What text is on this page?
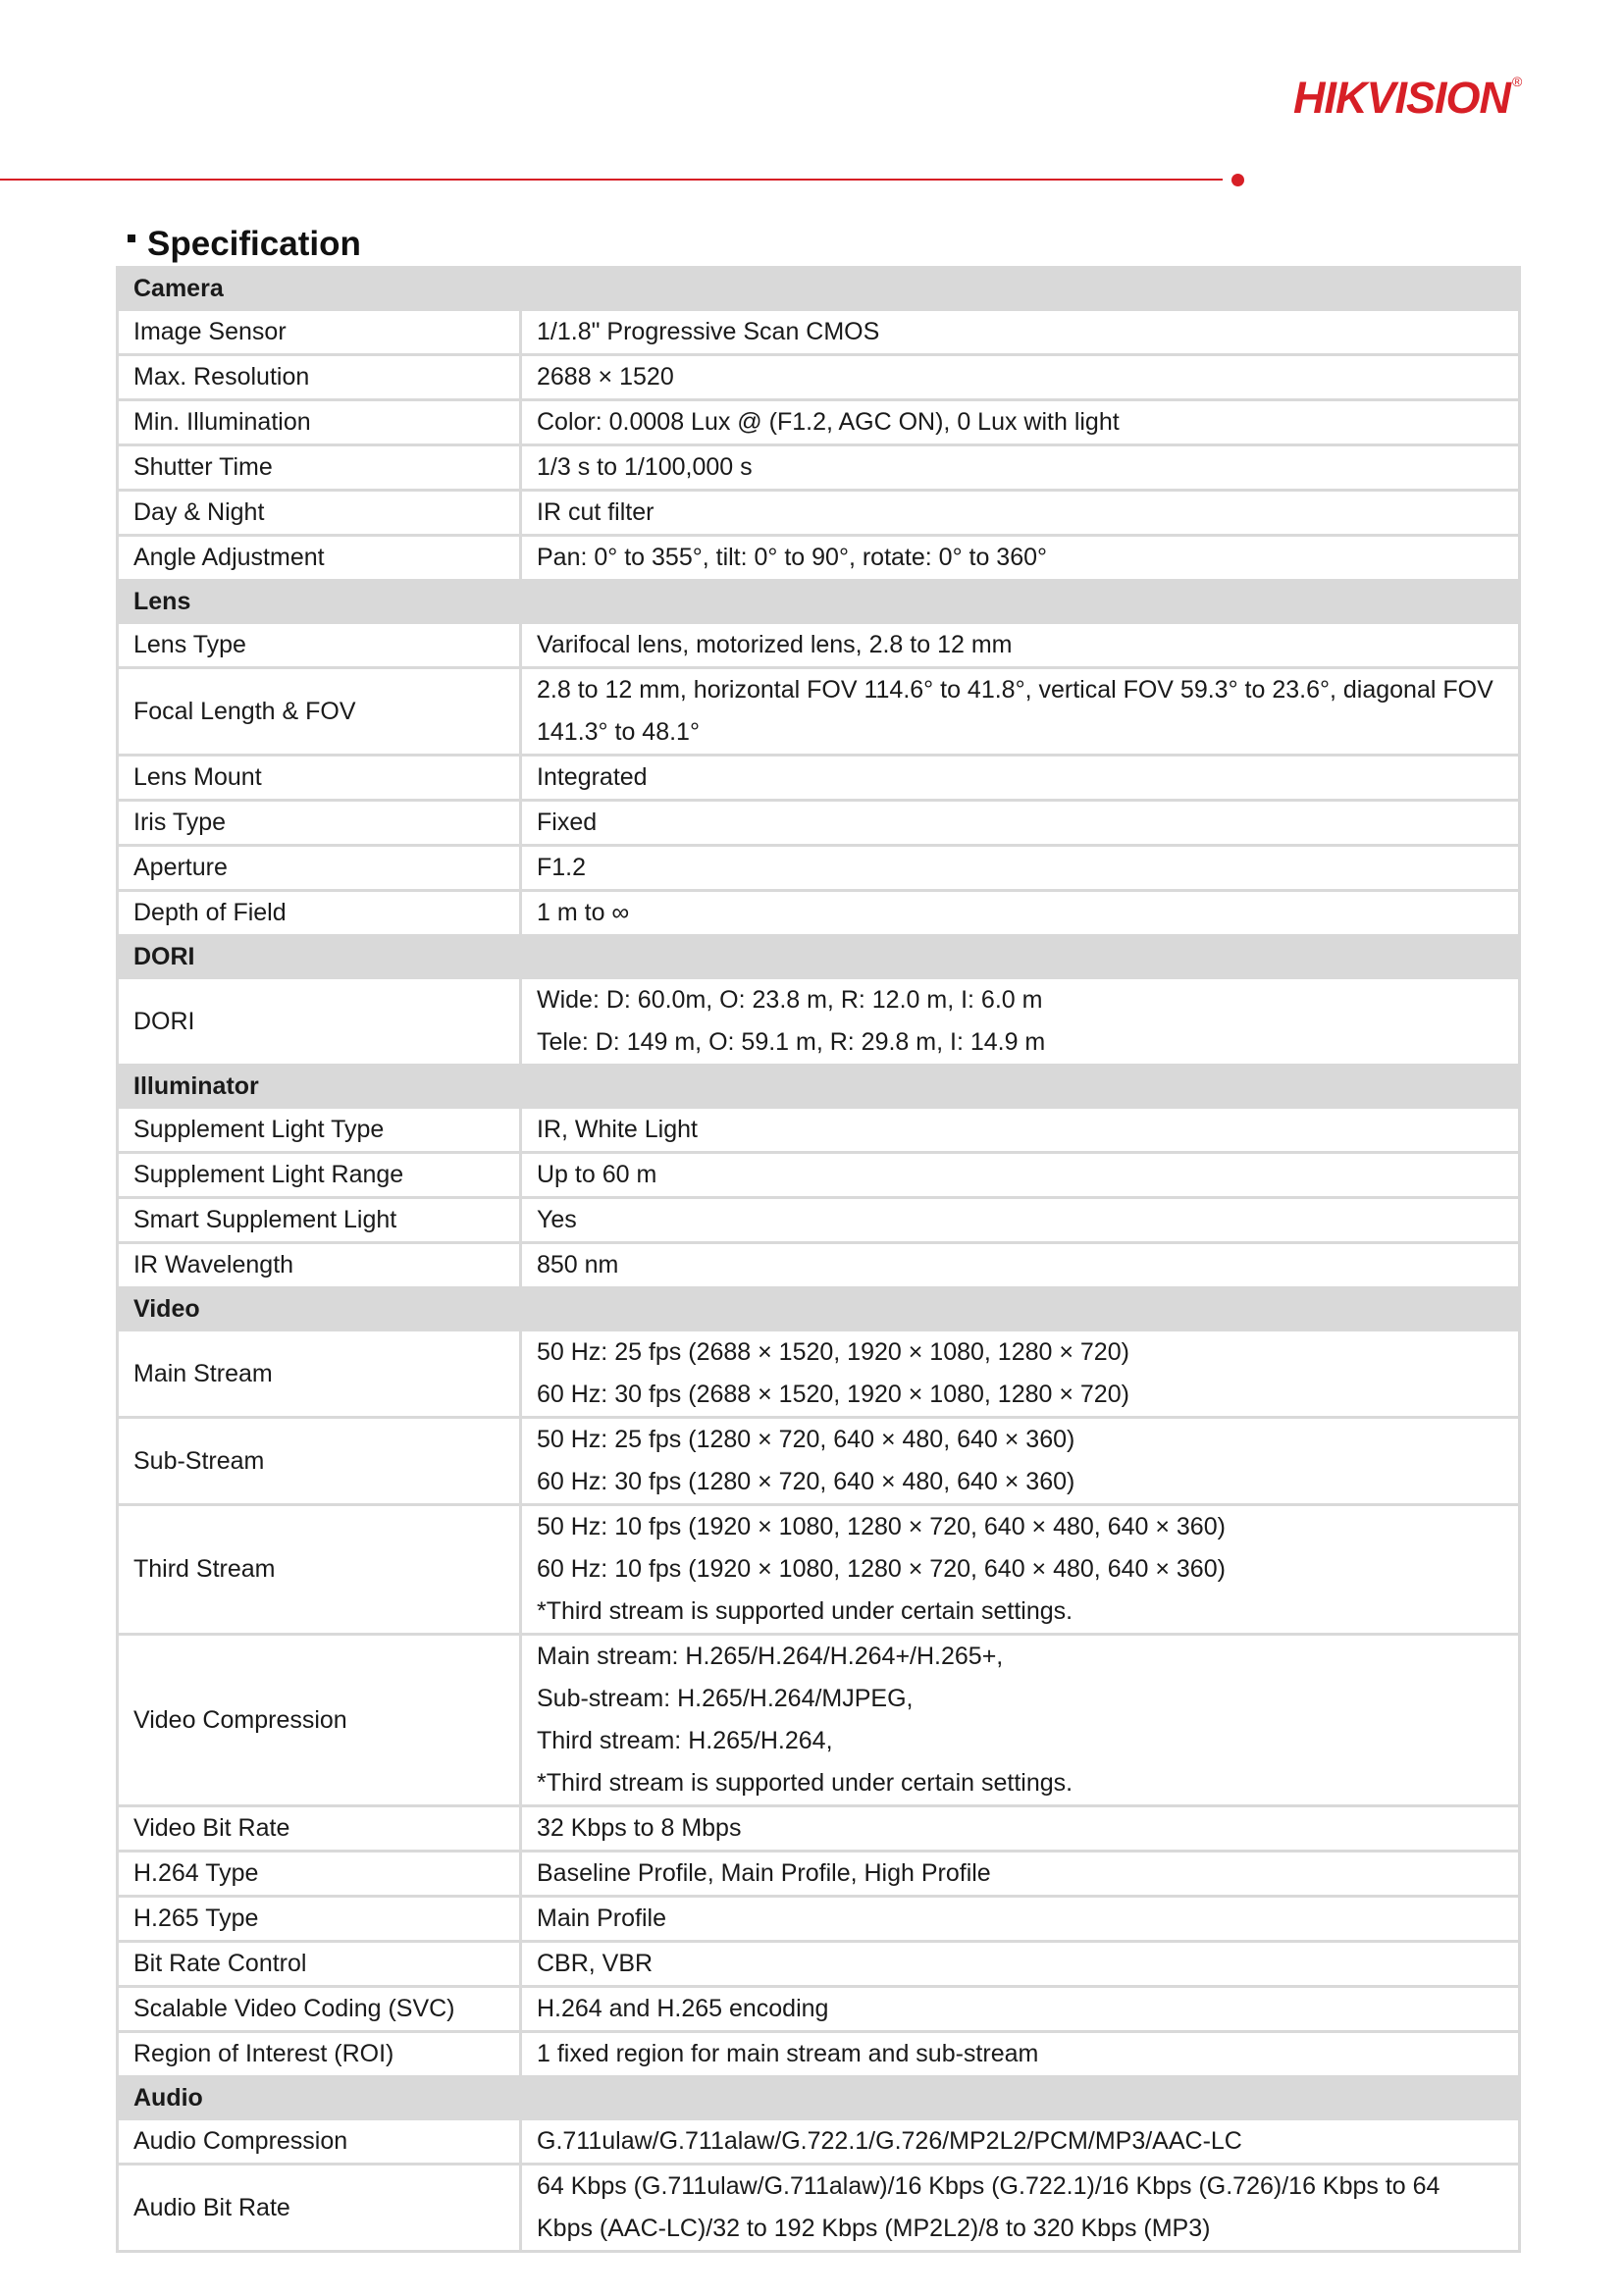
HIKVISION ®
Specification
Camera	
Image Sensor	1/1.8" Progressive Scan CMOS

Max. Resolution	2688 × 1520

Min. Illumination	Color: 0.0008 Lux @ (F1.2, AGC ON), 0 Lux with light

Shutter Time	1/3 s to 1/100,000 s

Day & Night	IR cut filter

Angle Adjustment	Pan: 0° to 355°, tilt: 0° to 90°, rotate: 0° to 360°

Lens	
Lens Type	Varifocal lens, motorized lens, 2.8 to 12 mm

Focal Length & FOV	2.8 to 12 mm, horizontal FOV 114.6° to 41.8°, vertical FOV 59.3° to 23.6°, diagonal FOV
141.3° to 48.1°

Lens Mount	Integrated

Iris Type	Fixed

Aperture	F1.2

Depth of Field	1 m to ∞

DORI	
DORI	Wide: D: 60.0m, O: 23.8 m, R: 12.0 m, I: 6.0 m
Tele: D: 149 m, O: 59.1 m, R: 29.8 m, I: 14.9 m

Illuminator	
Supplement Light Type	IR, White Light

Supplement Light Range	Up to 60 m

Smart Supplement Light	Yes

IR Wavelength	850 nm

Video	
Main Stream	50 Hz: 25 fps (2688 × 1520, 1920 × 1080, 1280 × 720)
60 Hz: 30 fps (2688 × 1520, 1920 × 1080, 1280 × 720)

Sub-Stream	50 Hz: 25 fps (1280 × 720, 640 × 480, 640 × 360)
60 Hz: 30 fps (1280 × 720, 640 × 480, 640 × 360)

Third Stream	50 Hz: 10 fps (1920 × 1080, 1280 × 720, 640 × 480, 640 × 360)
60 Hz: 10 fps (1920 × 1080, 1280 × 720, 640 × 480, 640 × 360)
*Third stream is supported under certain settings.

Video Compression	Main stream: H.265/H.264/H.264+/H.265+,
Sub-stream: H.265/H.264/MJPEG,
Third stream: H.265/H.264,
*Third stream is supported under certain settings.

Video Bit Rate	32 Kbps to 8 Mbps

H.264 Type	Baseline Profile, Main Profile, High Profile

H.265 Type	Main Profile

Bit Rate Control	CBR, VBR

Scalable Video Coding (SVC)	H.264 and H.265 encoding

Region of Interest (ROI)	1 fixed region for main stream and sub-stream

Audio	
Audio Compression	G.711ulaw/G.711alaw/G.722.1/G.726/MP2L2/PCM/MP3/AAC-LC

Audio Bit Rate	64 Kbps (G.711ulaw/G.711alaw)/16 Kbps (G.722.1)/16 Kbps (G.726)/16 Kbps to 64
Kbps (AAC-LC)/32 to 192 Kbps (MP2L2)/8 to 320 Kbps (MP3)
